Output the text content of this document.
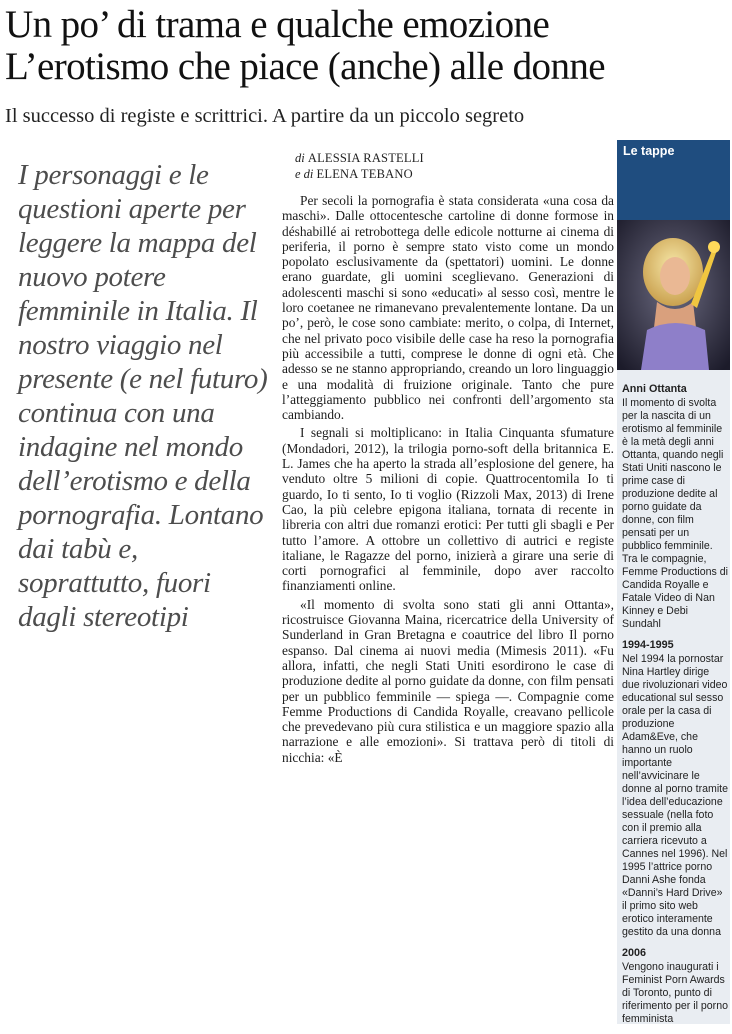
Un po’ di trama e qualche emozione
L’erotismo che piace (anche) alle donne

Il successo di registe e scrittrici. A partire da un piccolo segreto

I personaggi e le questioni aperte per leggere la mappa del nuovo potere femminile in Italia. Il nostro viaggio nel presente (e nel futuro) continua con una indagine nel mondo dell’erotismo e della pornografia. Lontano dai tabù e, soprattutto, fuori dagli stereotipi
di ALESSIA RASTELLI
e di ELENA TEBANO

Per secoli la pornografia è stata considerata «una cosa da maschi». Dalle ottocentesche cartoline di donne formose in déshabillé ai retrobottega delle edicole notturne ai cinema di periferia, il porno è sempre stato visto come un mondo popolato esclusivamente da (spettatori) uomini. Le donne erano guardate, gli uomini sceglievano. Generazioni di adolescenti maschi si sono «educati» al sesso così, mentre le loro coetanee ne rimanevano prevalentemente lontane. Da un po’, però, le cose sono cambiate: merito, o colpa, di Internet, che nel privato poco visibile delle case ha reso la pornografia più accessibile a tutti, comprese le donne di ogni età. Che adesso se ne stanno appropriando, creando un loro linguaggio e una modalità di fruizione originale. Tanto che pure l’atteggiamento pubblico nei confronti dell’argomento sta cambiando.

I segnali si moltiplicano: in Italia Cinquanta sfumature (Mondadori, 2012), la trilogia porno-soft della britannica E. L. James che ha aperto la strada all’esplosione del genere, ha venduto oltre 5 milioni di copie. Quattrocentomila Io ti guardo, Io ti sento, Io ti voglio (Rizzoli Max, 2013) di Irene Cao, la più celebre epigona italiana, tornata di recente in libreria con altri due romanzi erotici: Per tutti gli sbagli e Per tutto l’amore. A ottobre un collettivo di autrici e registe italiane, le Ragazze del porno, inizierà a girare una serie di corti pornografici al femminile, dopo aver raccolto finanziamenti online.

«Il momento di svolta sono stati gli anni Ottanta», ricostruisce Giovanna Maina, ricercatrice della University of Sunderland in Gran Bretagna e coautrice del libro Il porno espanso. Dal cinema ai nuovi media (Mimesis 2011). «Fu allora, infatti, che negli Stati Uniti esordirono le case di produzione dedite al porno guidate da donne, con film pensati per un pubblico femminile — spiega —. Compagnie come Femme Productions di Candida Royalle, creavano pellicole che prevedevano più cura stilistica e un maggiore spazio alla narrazione e alle emozioni». Si trattava però di titoli di nicchia: «È

Le tappe
Anni Ottanta
Il momento di svolta per la nascita di un erotismo al femminile è la metà degli anni Ottanta, quando negli Stati Uniti nascono le prime case di produzione dedite al porno guidate da donne, con film pensati per un pubblico femminile. Tra le compagnie, Femme Productions di Candida Royalle e Fatale Video di Nan Kinney e Debi Sundahl
1994-1995
Nel 1994 la pornostar Nina Hartley dirige due rivoluzionari video educational sul sesso orale per la casa di produzione Adam&Eve, che hanno un ruolo importante nell’avvicinare le donne al porno tramite l’idea dell’educazione sessuale (nella foto con il premio alla carriera ricevuto a Cannes nel 1996). Nel 1995 l’attrice porno Danni Ashe fonda «Danni’s Hard Drive» il primo sito web erotico interamente gestito da una donna
2006
Vengono inaugurati i Feminist Porn Awards di Toronto, punto di riferimento per il porno femminista
